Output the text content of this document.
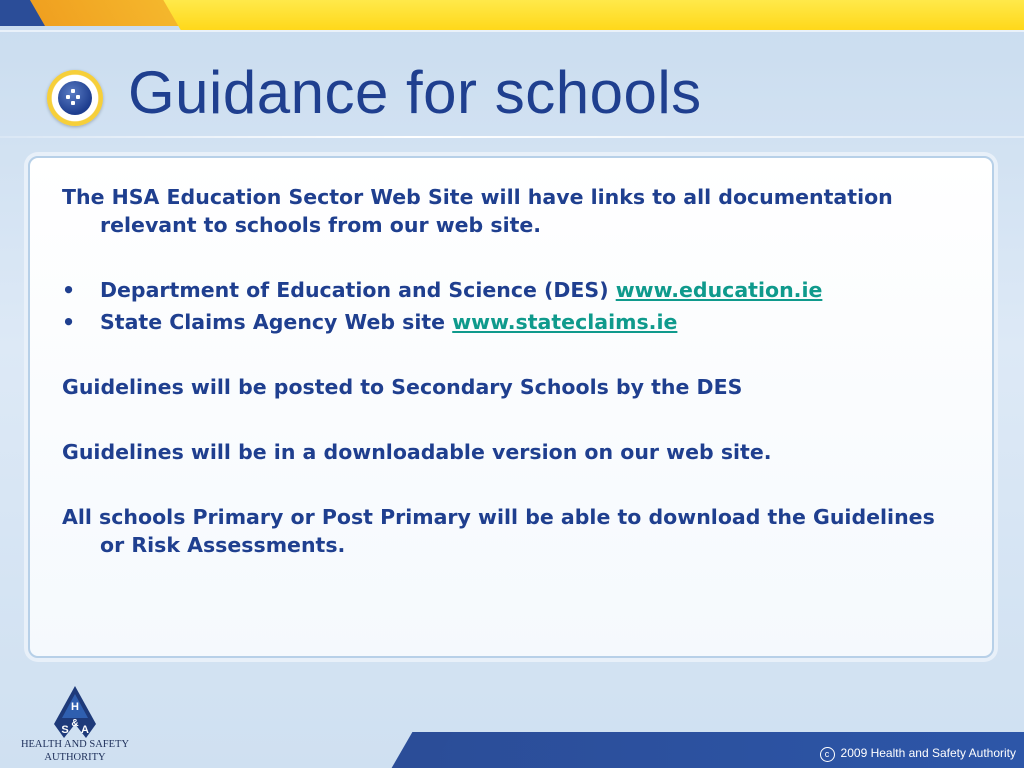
Guidance for schools

The HSA Education Sector Web Site will have links to all documentation relevant to schools from our web site.

• Department of Education and Science (DES) www.education.ie
• State Claims Agency Web site www.stateclaims.ie

Guidelines will be posted to Secondary Schools by the DES

Guidelines will be in a downloadable version on our web site.

All schools Primary or Post Primary will be able to download the Guidelines or Risk Assessments.

H
S
&
A
HEALTH AND SAFETY
AUTHORITY	c 2009 Health and Safety Authority
